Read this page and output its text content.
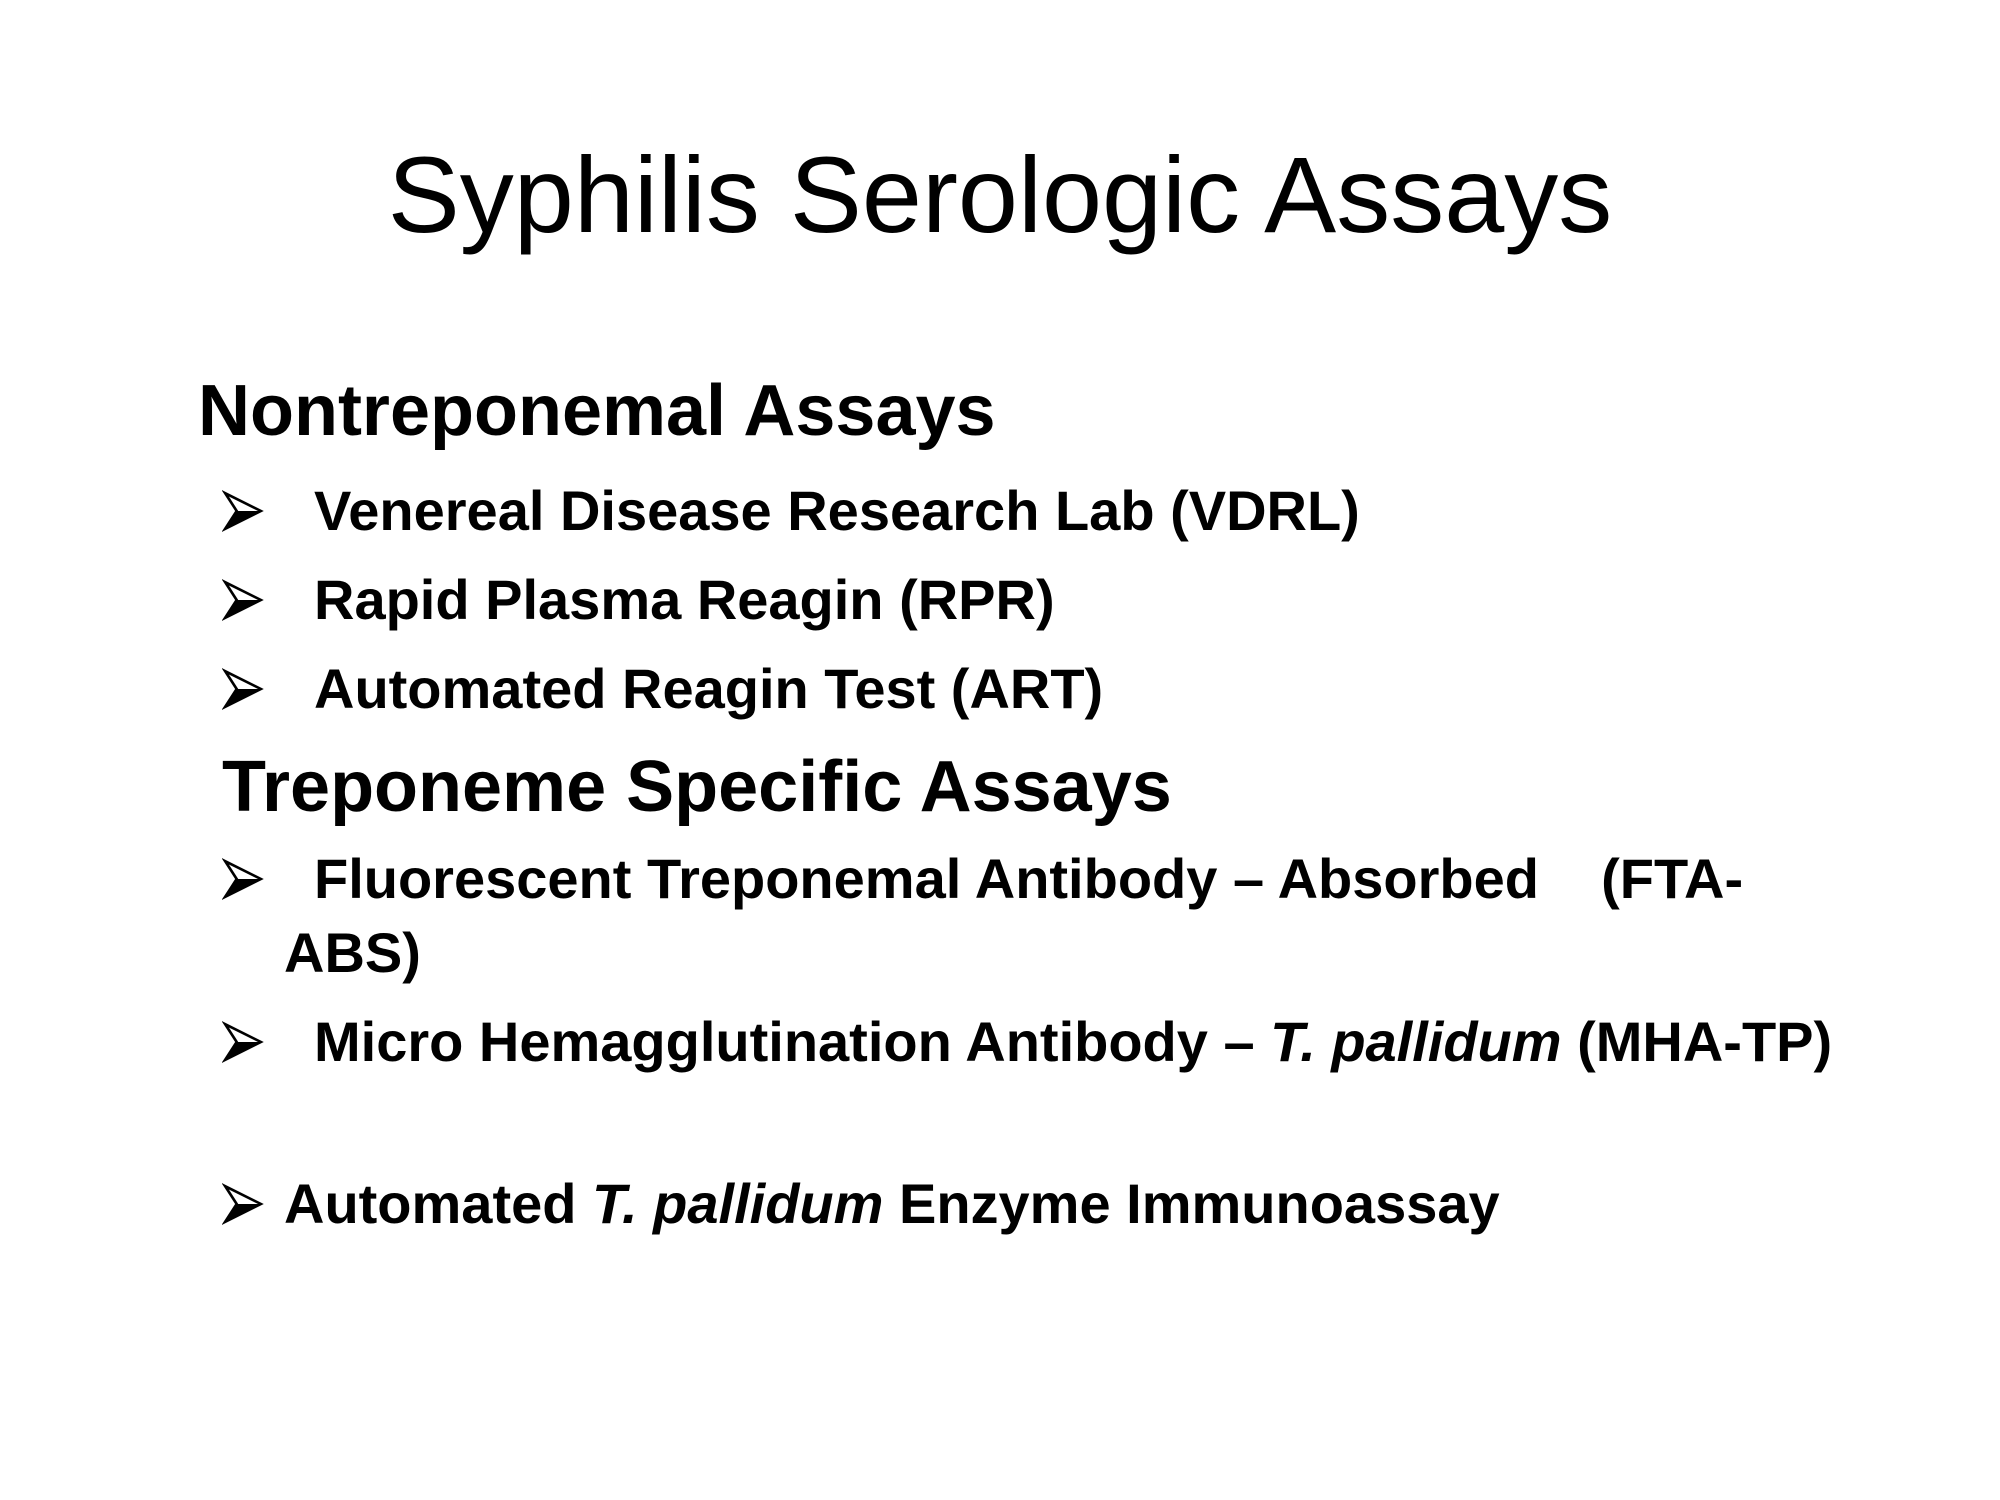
Syphilis Serologic Assays
Nontreponemal Assays
Venereal Disease Research Lab (VDRL)
Rapid Plasma Reagin (RPR)
Automated Reagin Test (ART)
Treponeme Specific Assays
Fluorescent Treponemal Antibody – Absorbed    (FTA-ABS)
Micro Hemagglutination Antibody – T. pallidum (MHA-TP)
Automated T. pallidum Enzyme Immunoassay
